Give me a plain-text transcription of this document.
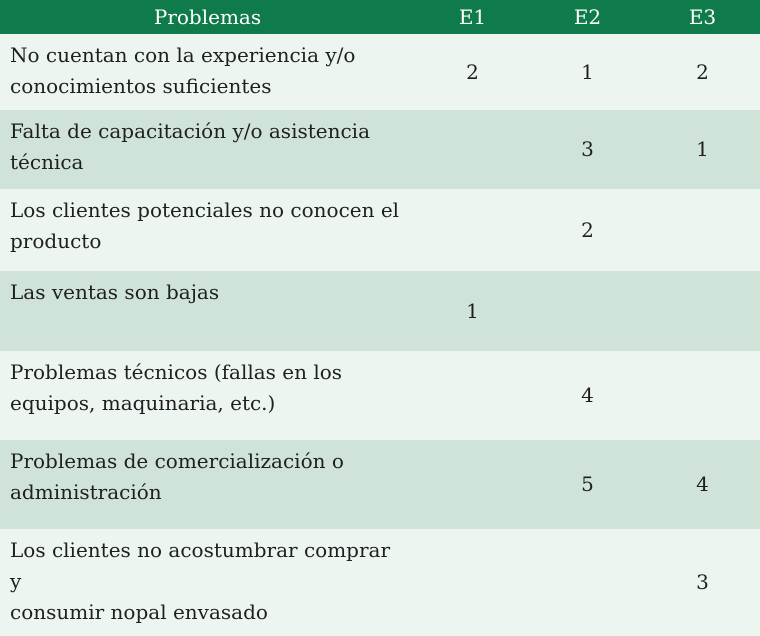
Problemas	E1	E2	E3
No cuentan con la experiencia y/o
conocimientos suficientes	2	1	2
Falta de capacitación y/o asistencia
técnica		3	1
Los clientes potenciales no conocen el
producto		2	
Las ventas son bajas	1		
Problemas técnicos (fallas en los
equipos, maquinaria, etc.)		4	
Problemas de comercialización o
administración		5	4
Los clientes no acostumbrar comprar y
consumir nopal envasado			3
